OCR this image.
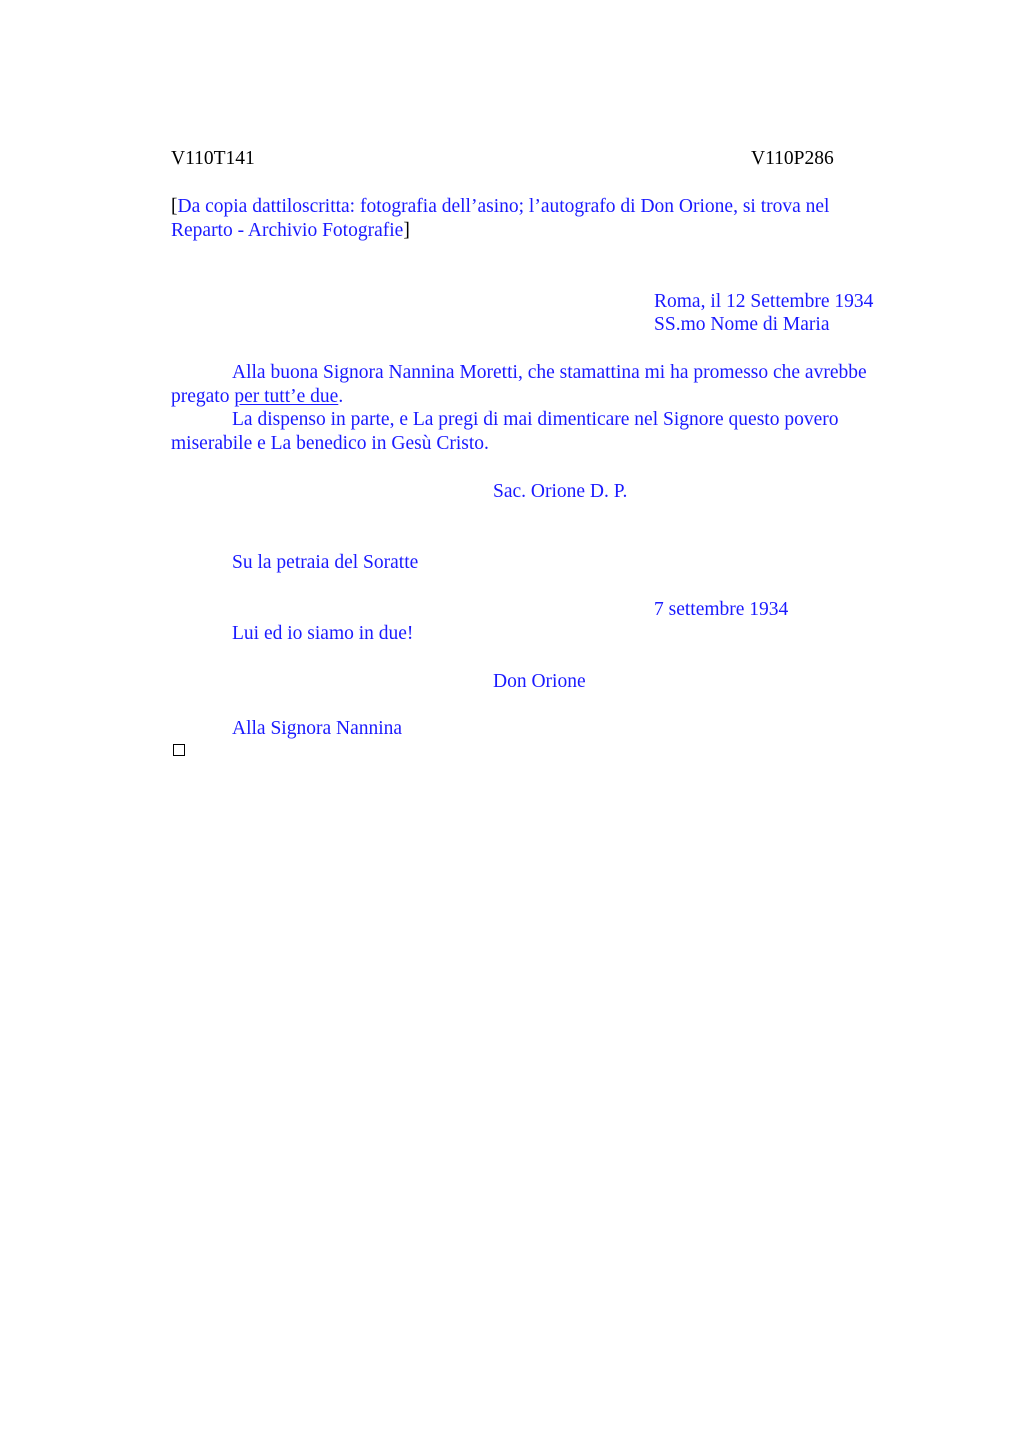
V110T141	V110P286
[Da copia dattiloscritta: fotografia dell’asino; l’autografo di Don Orione, si trova nel Reparto - Archivio Fotografie]
Roma, il 12 Settembre 1934
SS.mo Nome di Maria
Alla buona Signora Nannina Moretti, che stamattina mi ha promesso che avrebbe pregato per tutt’e due.
La dispenso in parte, e La pregi di mai dimenticare nel Signore questo povero miserabile e La benedico in Gesù Cristo.
Sac. Orione D. P.
Su la petraia del Soratte
7 settembre 1934
Lui ed io siamo in due!
Don Orione
Alla Signora Nannina
